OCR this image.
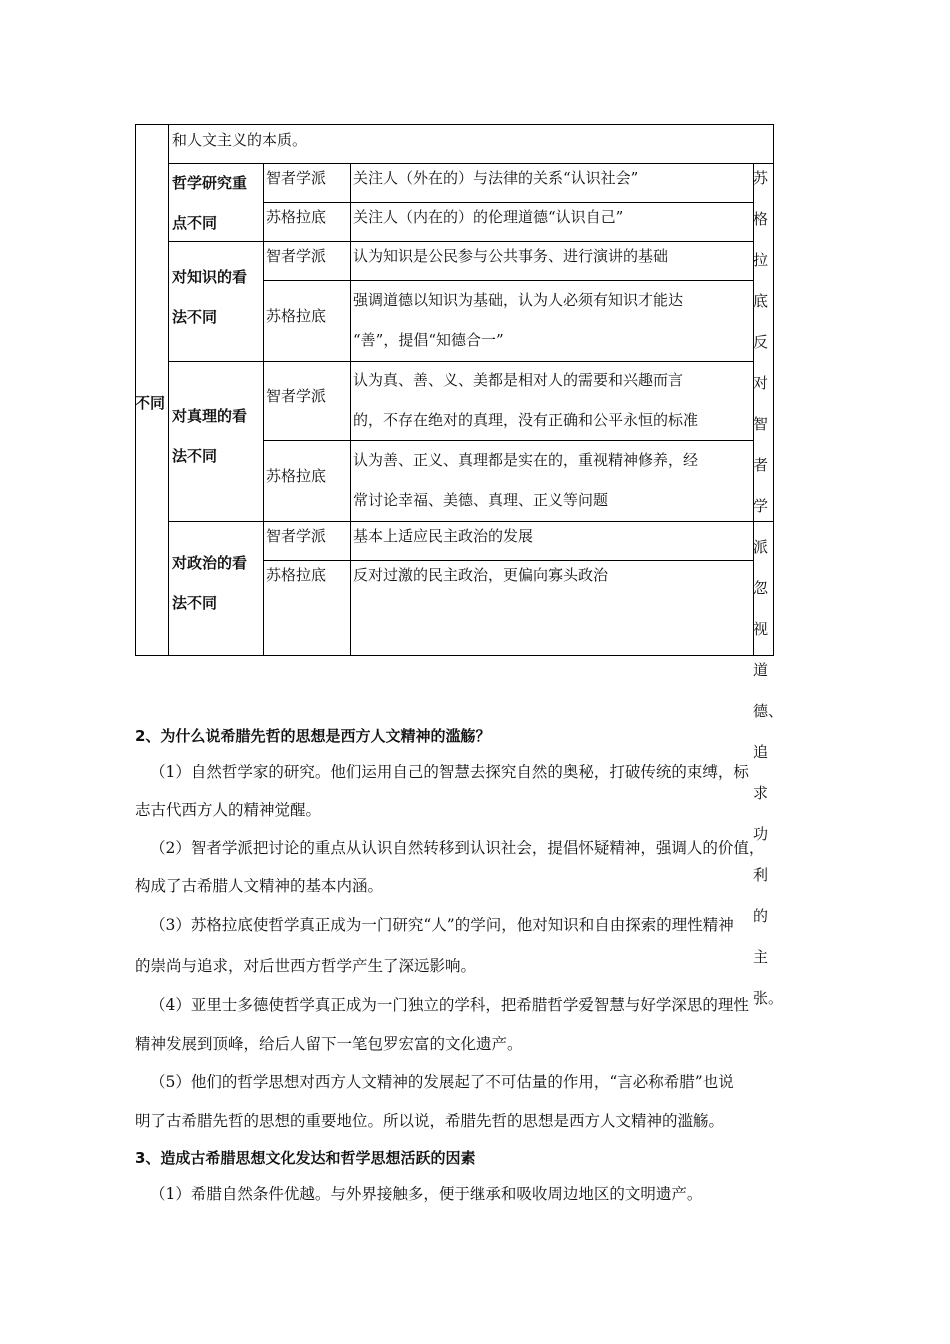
和人文主义的本质。
不同
哲学研究重
点不同
智者学派 关注人（外在的）与法律的关系“认识社会”
苏格拉底 关注人（内在的）的伦理道德“认识自己”
对知识的看
法不同
智者学派 认为知识是公民参与公共事务、进行演讲的基础
苏格拉底
强调道德以知识为基础，认为人必须有知识才能达
“善”，提倡“知德合一”
对真理的看
法不同
智者学派
认为真、善、义、美都是相对人的需要和兴趣而言
的，不存在绝对的真理，没有正确和公平永恒的标准
苏格拉底
认为善、正义、真理都是实在的，重视精神修养，经
常讨论幸福、美德、真理、正义等问题
对政治的看
法不同
智者学派 基本上适应民主政治的发展
苏格拉底 反对过激的民主政治，更偏向寡头政治
苏格
拉底
反对
智者
学派
忽视
道
德、
追求
功利
的主
张。
2、为什么说希腊先哲的思想是西方人文精神的滥觞？
（1）自然哲学家的研究。他们运用自己的智慧去探究自然的奥秘，打破传统的束缚，标
志古代西方人的精神觉醒。
（2）智者学派把讨论的重点从认识自然转移到认识社会，提倡怀疑精神，强调人的价值，
构成了古希腊人文精神的基本内涵。
（3）苏格拉底使哲学真正成为一门研究“人”的学问，他对知识和自由探索的理性精神
的崇尚与追求，对后世西方哲学产生了深远影响。
（4）亚里士多德使哲学真正成为一门独立的学科，把希腊哲学爱智慧与好学深思的理性
精神发展到顶峰，给后人留下一笔包罗宏富的文化遗产。
（5）他们的哲学思想对西方人文精神的发展起了不可估量的作用，“言必称希腊”也说
明了古希腊先哲的思想的重要地位。所以说，希腊先哲的思想是西方人文精神的滥觞。
3、造成古希腊思想文化发达和哲学思想活跃的因素
（1）希腊自然条件优越。与外界接触多，便于继承和吸收周边地区的文明遗产。
